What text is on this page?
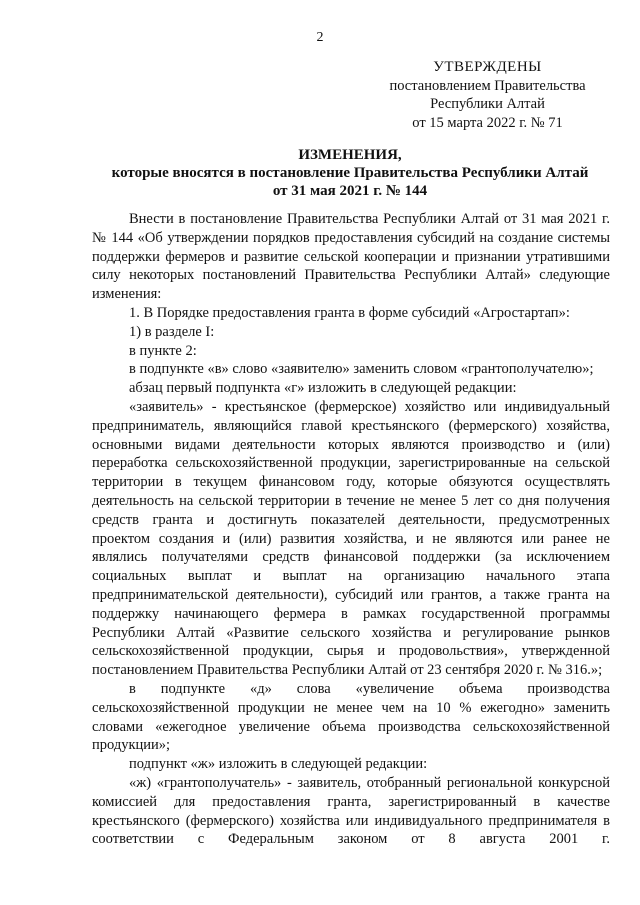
2
УТВЕРЖДЕНЫ
постановлением Правительства
Республики Алтай
от 15 марта 2022 г. № 71
ИЗМЕНЕНИЯ,
которые вносятся в постановление Правительства Республики Алтай
от 31 мая 2021 г. № 144

Внести в постановление Правительства Республики Алтай от 31 мая 2021 г. № 144 «Об утверждении порядков предоставления субсидий на создание системы поддержки фермеров и развитие сельской кооперации и признании утратившими силу некоторых постановлений Правительства Республики Алтай» следующие изменения:

1. В Порядке предоставления гранта в форме субсидий «Агростартап»:

1) в разделе I:

в пункте 2:

в подпункте «в» слово «заявителю» заменить словом «грантополучателю»;

абзац первый подпункта «г» изложить в следующей редакции:

«заявитель» - крестьянское (фермерское) хозяйство или индивидуальный предприниматель, являющийся главой крестьянского (фермерского) хозяйства, основными видами деятельности которых являются производство и (или) переработка сельскохозяйственной продукции, зарегистрированные на сельской территории в текущем финансовом году, которые обязуются осуществлять деятельность на сельской территории в течение не менее 5 лет со дня получения средств гранта и достигнуть показателей деятельности, предусмотренных проектом создания и (или) развития хозяйства, и не являются или ранее не являлись получателями средств финансовой поддержки (за исключением социальных выплат и выплат на организацию начального этапа предпринимательской деятельности), субсидий или грантов, а также гранта на поддержку начинающего фермера в рамках государственной программы Республики Алтай «Развитие сельского хозяйства и регулирование рынков сельскохозяйственной продукции, сырья и продовольствия», утвержденной постановлением Правительства Республики Алтай от 23 сентября 2020 г. № 316.»;

в подпункте «д» слова «увеличение объема производства сельскохозяйственной продукции не менее чем на 10 % ежегодно» заменить словами «ежегодное увеличение объема производства сельскохозяйственной продукции»;

подпункт «ж» изложить в следующей редакции:

«ж) «грантополучатель» - заявитель, отобранный региональной конкурсной комиссией для предоставления гранта, зарегистрированный в качестве крестьянского (фермерского) хозяйства или индивидуального предпринимателя в соответствии с Федеральным законом от 8 августа 2001 г.
